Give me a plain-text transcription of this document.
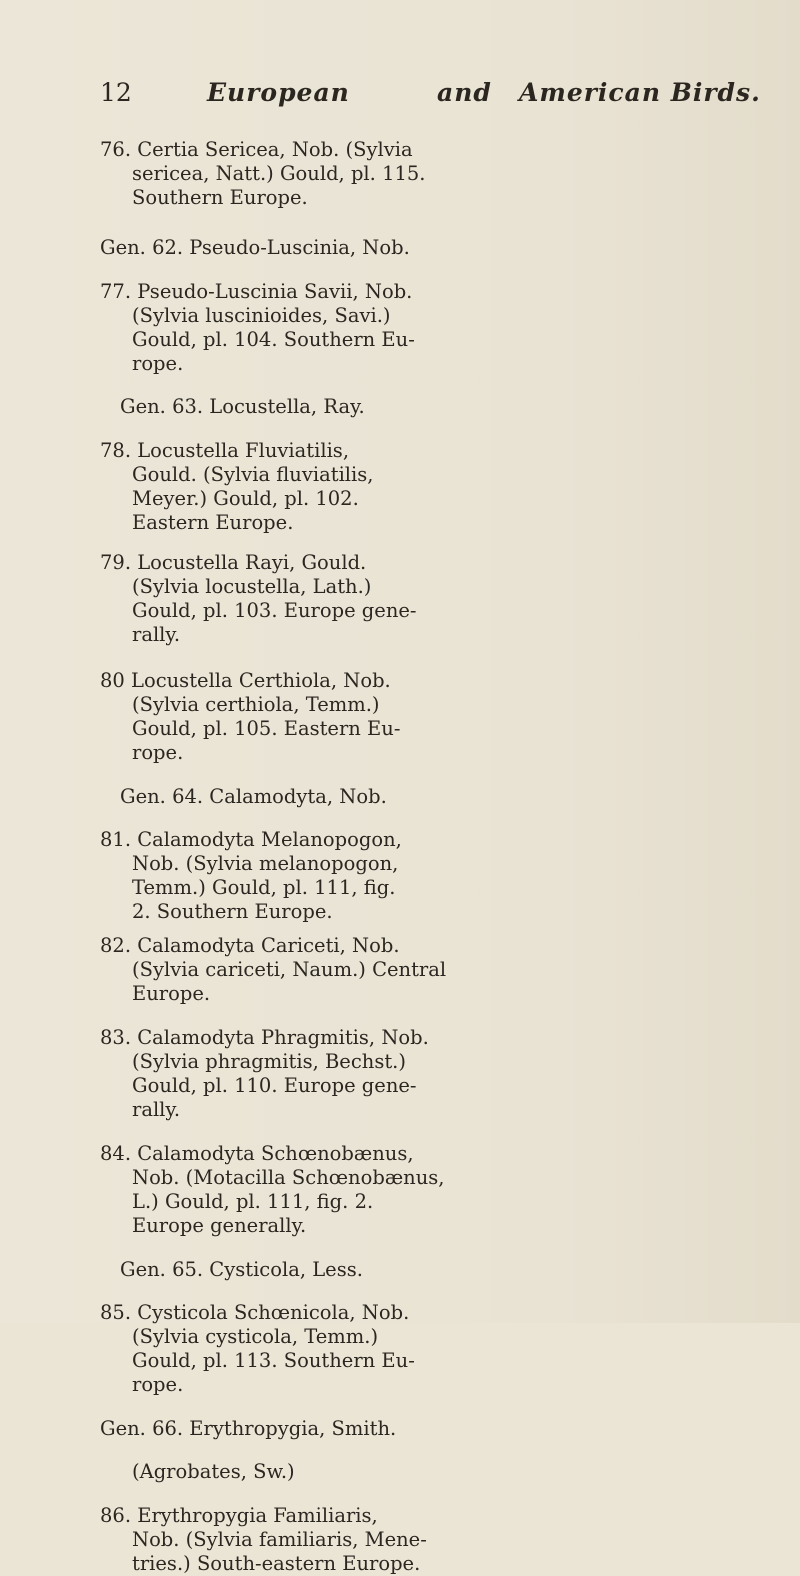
12	European	and American Birds.

76. Certia Sericea, Nob. (Sylvia

sericea, Natt.) Gould, pl. 115.

Southern Europe.

Gen. 62. Pseudo-Luscinia, Nob.

77. Pseudo-Luscinia Savii, Nob.

(Sylvia luscinioides, Savi.)

Gould, pl. 104. Southern Eu-

rope.

Gen. 63. Locustella, Ray.

78. Locustella Fluviatilis,

Gould. (Sylvia fluviatilis,

Meyer.) Gould, pl. 102.

Eastern Europe.

79. Locustella Rayi, Gould.

(Sylvia locustella, Lath.)

Gould, pl. 103. Europe gene-

rally.

80 Locustella Certhiola, Nob.

(Sylvia certhiola, Temm.)

Gould, pl. 105. Eastern Eu-

rope.

Gen. 64. Calamodyta, Nob.

81. Calamodyta Melanopogon,

Nob. (Sylvia melanopogon,

Temm.) Gould, pl. 111, fig.

2. Southern Europe.

82. Calamodyta Cariceti, Nob.

(Sylvia cariceti, Naum.) Central

Europe.

83. Calamodyta Phragmitis, Nob.

(Sylvia phragmitis, Bechst.)

Gould, pl. 110. Europe gene-

rally.

84. Calamodyta Schœnobænus,

Nob. (Motacilla Schœnobænus,

L.) Gould, pl. 111, fig. 2.

Europe generally.

Gen. 65. Cysticola, Less.

85. Cysticola Schœnicola, Nob.

(Sylvia cysticola, Temm.)

Gould, pl. 113. Southern Eu-

rope.

Gen. 66. Erythropygia, Smith.

(Agrobates, Sw.)

86. Erythropygia Familiaris,

Nob. (Sylvia familiaris, Mene-

tries.) South-eastern Europe.
